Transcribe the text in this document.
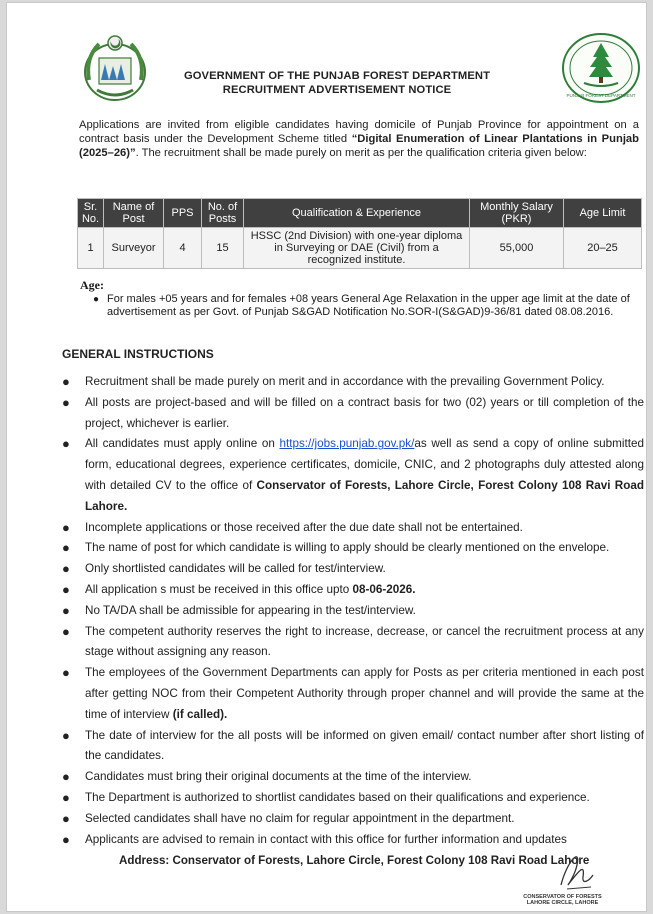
PUNJAB FOREST DEPARTMENT
GOVERNMENT OF THE PUNJAB FOREST DEPARTMENT
RECRUITMENT ADVERTISEMENT NOTICE

Applications are invited from eligible candidates having domicile of Punjab Province for appointment on a contract basis under the Development Scheme titled “Digital Enumeration of Linear Plantations in Punjab (2025–26)”. The recruitment shall be made purely on merit as per the qualification criteria given below:

Sr. No.	Name of Post	PPS	No. of Posts	Qualification & Experience	Monthly Salary (PKR)	Age Limit
1	Surveyor	4	15	HSSC (2nd Division) with one-year diploma in Surveying or DAE (Civil) from a recognized institute.	55,000	20–25
Age:
● For males +05 years and for females +08 years General Age Relaxation in the upper age limit at the date of advertisement as per Govt. of Punjab S&GAD Notification No.SOR-I(S&GAD)9-36/81 dated 08.08.2016.
GENERAL INSTRUCTIONS
● Recruitment shall be made purely on merit and in accordance with the prevailing Government Policy.
● All posts are project-based and will be filled on a contract basis for two (02) years or till completion of the project, whichever is earlier.
● All candidates must apply online on https://jobs.punjab.gov.pk/as well as send a copy of online submitted form, educational degrees, experience certificates, domicile, CNIC, and 2 photographs duly attested along with detailed CV to the office of Conservator of Forests, Lahore Circle, Forest Colony 108 Ravi Road Lahore.
● Incomplete applications or those received after the due date shall not be entertained.
● The name of post for which candidate is willing to apply should be clearly mentioned on the envelope.
● Only shortlisted candidates will be called for test/interview.
● All application s must be received in this office upto 08-06-2026.
● No TA/DA shall be admissible for appearing in the test/interview.
● The competent authority reserves the right to increase, decrease, or cancel the recruitment process at any stage without assigning any reason.
● The employees of the Government Departments can apply for Posts as per criteria mentioned in each post after getting NOC from their Competent Authority through proper channel and will provide the same at the time of interview (if called).
● The date of interview for the all posts will be informed on given email/ contact number after short listing of the candidates.
● Candidates must bring their original documents at the time of the interview.
● The Department is authorized to shortlist candidates based on their qualifications and experience.
● Selected candidates shall have no claim for regular appointment in the department.
● Applicants are advised to remain in contact with this office for further information and updates
Address: Conservator of Forests, Lahore Circle, Forest Colony 108 Ravi Road Lahore
CONSERVATOR OF FORESTS
LAHORE CIRCLE, LAHORE
